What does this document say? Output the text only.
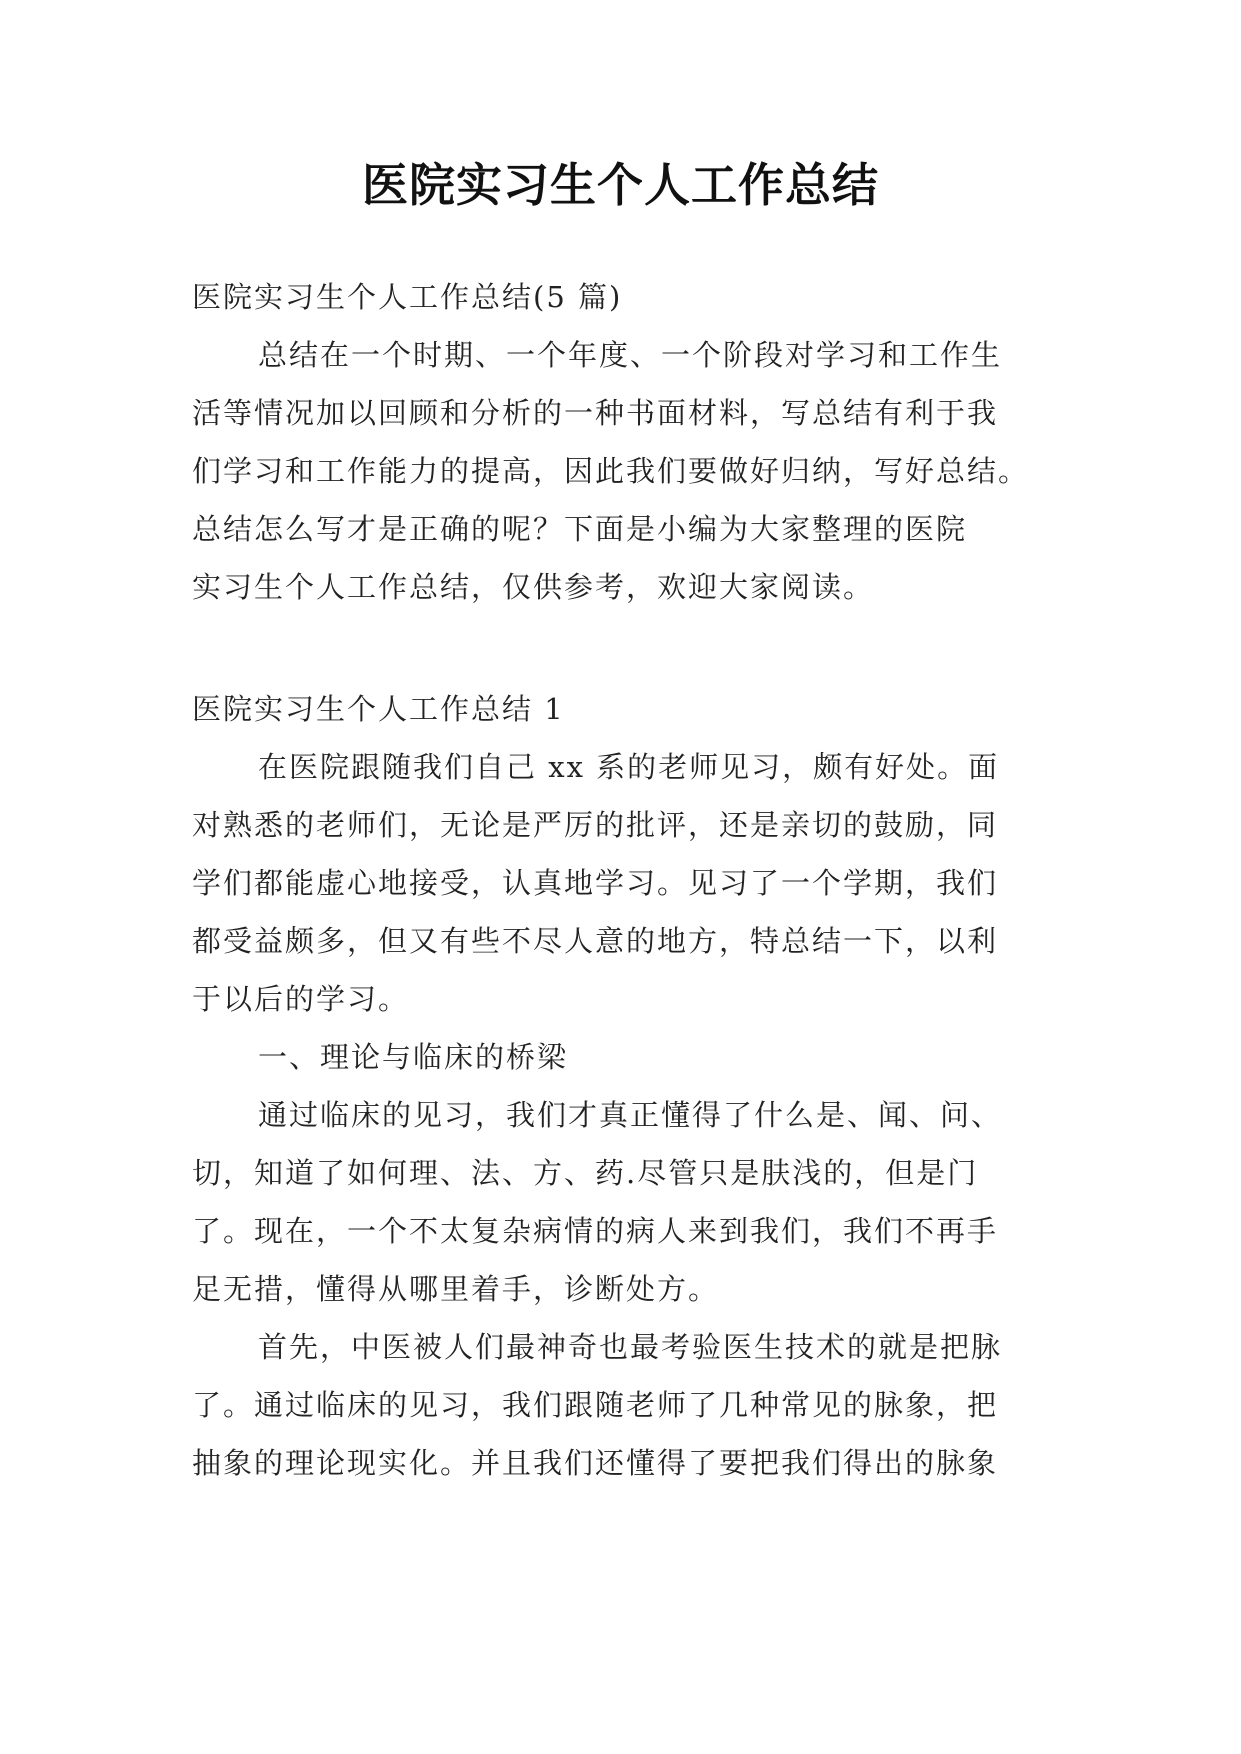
医院实习生个人工作总结
医院实习生个人工作总结(5 篇)
总结在一个时期、一个年度、一个阶段对学习和工作生
活等情况加以回顾和分析的一种书面材料，写总结有利于我
们学习和工作能力的提高，因此我们要做好归纳，写好总结。
总结怎么写才是正确的呢？下面是小编为大家整理的医院
实习生个人工作总结，仅供参考，欢迎大家阅读。
医院实习生个人工作总结 1
在医院跟随我们自己 xx 系的老师见习，颇有好处。面
对熟悉的老师们，无论是严厉的批评，还是亲切的鼓励，同
学们都能虚心地接受，认真地学习。见习了一个学期，我们
都受益颇多，但又有些不尽人意的地方，特总结一下，以利
于以后的学习。
一、理论与临床的桥梁
通过临床的见习，我们才真正懂得了什么是、闻、问、
切，知道了如何理、法、方、药.尽管只是肤浅的，但是门
了。现在，一个不太复杂病情的病人来到我们，我们不再手
足无措，懂得从哪里着手，诊断处方。
首先，中医被人们最神奇也最考验医生技术的就是把脉
了。通过临床的见习，我们跟随老师了几种常见的脉象，把
抽象的理论现实化。并且我们还懂得了要把我们得出的脉象
